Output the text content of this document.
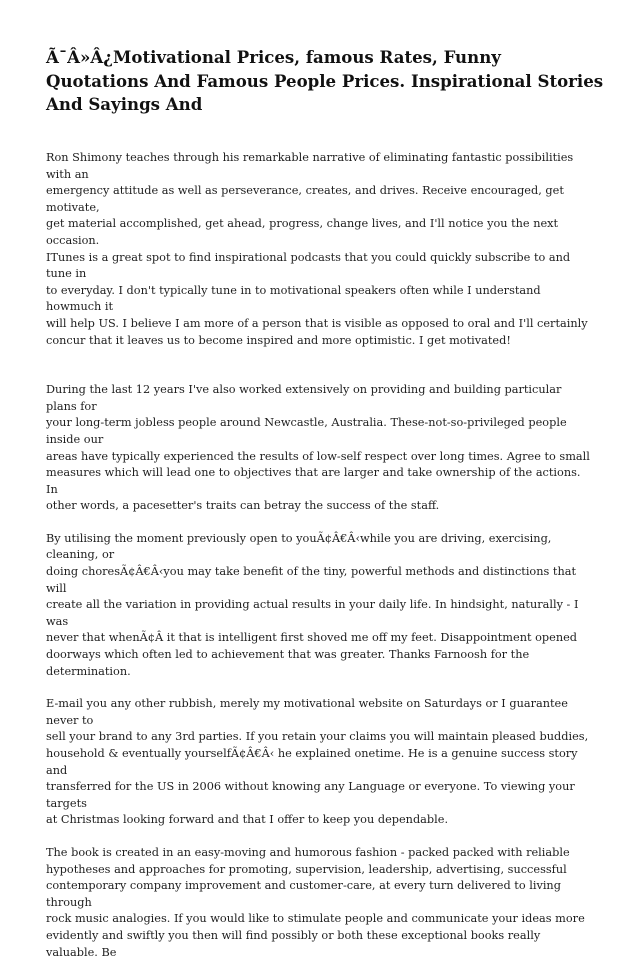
Ã¯Â»Â¿Motivational Prices, famous Rates, Funny Quotations And Famous People Prices. Inspirational Stories And Sayings And

Ron Shimony teaches through his remarkable narrative of eliminating fantastic possibilities with an
emergency attitude as well as perseverance, creates, and drives. Receive encouraged, get motivate,
get material accomplished, get ahead, progress, change lives, and I'll notice you the next occasion.
ITunes is a great spot to find inspirational podcasts that you could quickly subscribe to and tune in
to everyday. I don't typically tune in to motivational speakers often while I understand howmuch it
will help US. I believe I am more of a person that is visible as opposed to oral and I'll certainly
concur that it leaves us to become inspired and more optimistic. I get motivated!

During the last 12 years I've also worked extensively on providing and building particular plans for
your long-term jobless people around Newcastle, Australia. These-not-so-privileged people inside our
areas have typically experienced the results of low-self respect over long times. Agree to small
measures which will lead one to objectives that are larger and take ownership of the actions. In
other words, a pacesetter's traits can betray the success of the staff.

By utilising the moment previously open to youÃ¢Â€Â‹while you are driving, exercising, cleaning, or
doing choresÃ¢Â€Â‹you may take benefit of the tiny, powerful methods and distinctions that will
create all the variation in providing actual results in your daily life. In hindsight, naturally - I was
never that whenÃ¢Â it that is intelligent first shoved me off my feet. Disappointment opened
doorways which often led to achievement that was greater. Thanks Farnoosh for the determination.

E-mail you any other rubbish, merely my motivational website on Saturdays or I guarantee never to
sell your brand to any 3rd parties. If you retain your claims you will maintain pleased buddies,
household & eventually yourselfÃ¢Â€Â‹ he explained onetime. He is a genuine success story and
transferred for the US in 2006 without knowing any Language or everyone. To viewing your targets
at Christmas looking forward and that I offer to keep you dependable.

The book is created in an easy-moving and humorous fashion - packed packed with reliable
hypotheses and approaches for promoting, supervision, leadership, advertising, successful
contemporary company improvement and customer-care, at every turn delivered to living through
rock music analogies. If you would like to stimulate people and communicate your ideas more
evidently and swiftly you then will find possibly or both these exceptional books really valuable. Be
